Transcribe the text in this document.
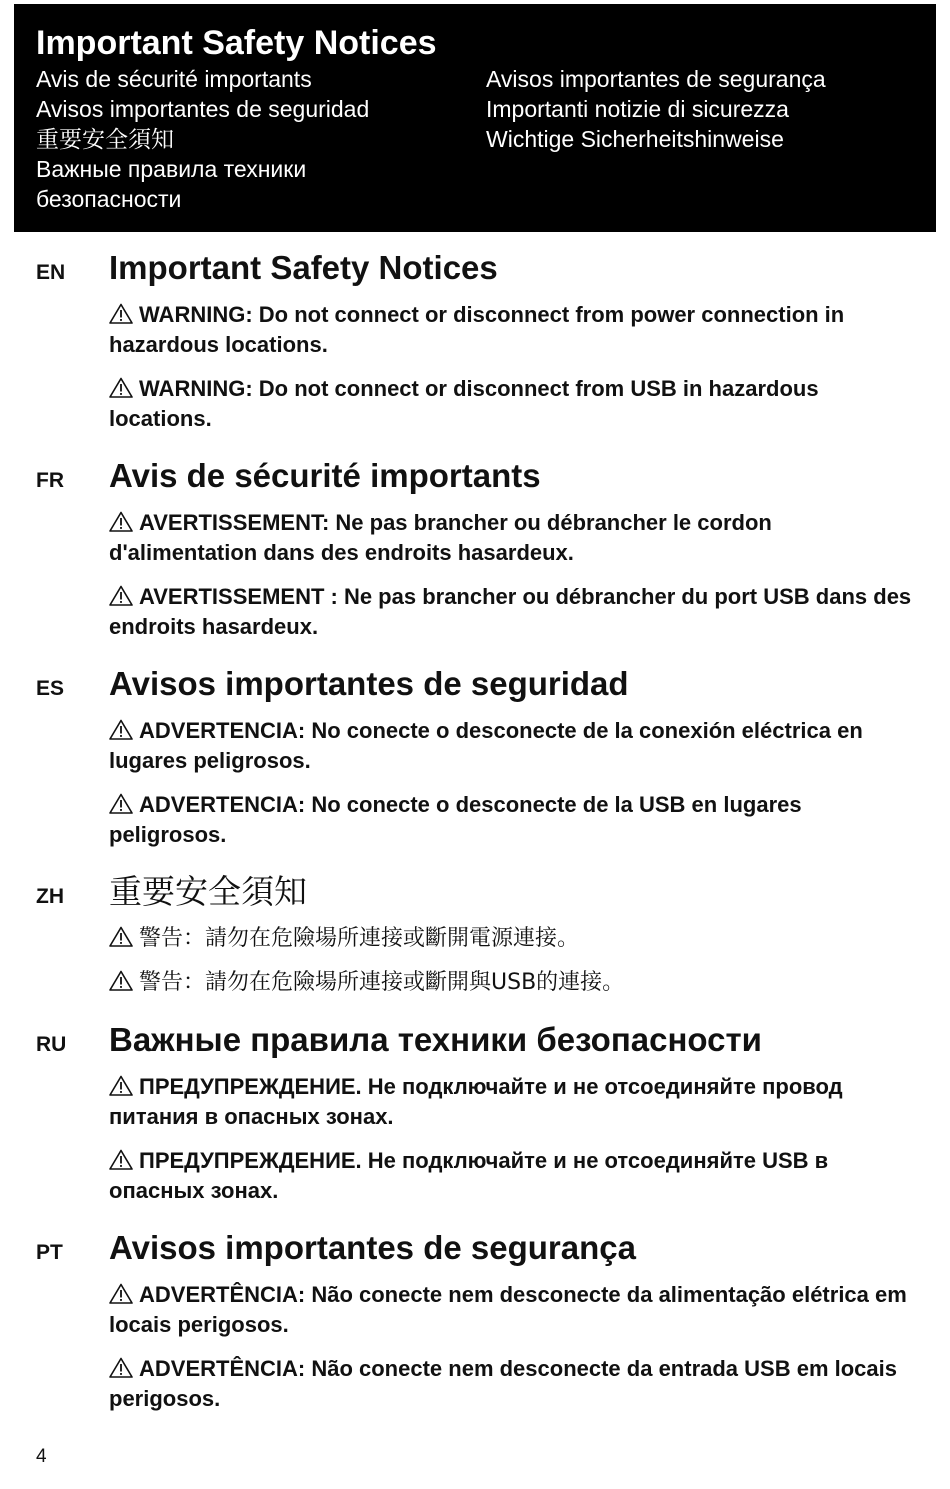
Important Safety Notices
Avis de sécurité importants
Avisos importantes de seguridad
重要安全須知
Важные правила техники
безопасности
Avisos importantes de segurança
Importanti notizie di sicurezza
Wichtige Sicherheitshinweise
EN	Important Safety Notices
WARNING: Do not connect or disconnect from power connection in hazardous locations.
WARNING: Do not connect or disconnect from USB in hazardous locations.
FR	Avis de sécurité importants
AVERTISSEMENT: Ne pas brancher ou débrancher le cordon d'alimentation dans des endroits hasardeux.
AVERTISSEMENT : Ne pas brancher ou débrancher du port USB dans des endroits hasardeux.
ES	Avisos importantes de seguridad
ADVERTENCIA: No conecte o desconecte de la conexión eléctrica en lugares peligrosos.
ADVERTENCIA: No conecte o desconecte de la USB en lugares peligrosos.
ZH	重要安全須知
警告：請勿在危險場所連接或斷開電源連接。
警告：請勿在危險場所連接或斷開與USB的連接。
RU	Важные правила техники безопасности
ПРЕДУПРЕЖДЕНИЕ. Не подключайте и не отсоединяйте провод питания в опасных зонах.
ПРЕДУПРЕЖДЕНИЕ. Не подключайте и не отсоединяйте USB в опасных зонах.
PT	Avisos importantes de segurança
ADVERTÊNCIA: Não conecte nem desconecte da alimentação elétrica em locais perigosos.
ADVERTÊNCIA: Não conecte nem desconecte da entrada USB em locais perigosos.
4
